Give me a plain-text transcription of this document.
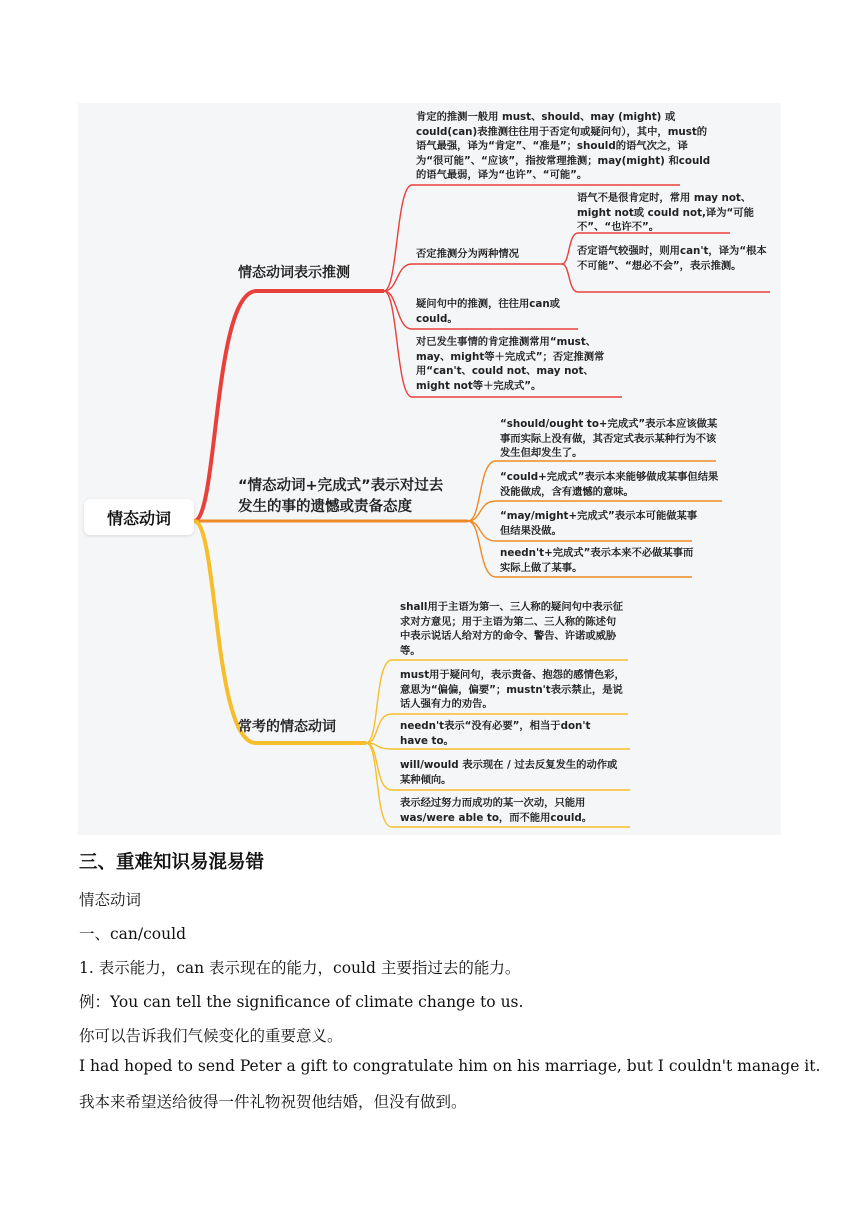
情态动词
情态动词表示推测
肯定的推测一般用 must、should、may (might) 或 could(can)表推测往往用于否定句或疑问句），其中，must的语气最强，译为“肯定”、“准是”；should的语气次之，译为“很可能”、“应该”，指按常理推测；may(might) 和could的语气最弱，译为“也许”、“可能”。
否定推测分为两种情况
语气不是很肯定时，常用 may not、might not或 could not,译为“可能不”、“也许不”。
否定语气较强时，则用can't，译为“根本不可能”、“想必不会”，表示推测。
疑问句中的推测，往往用can或could。
对已发生事情的肯定推测常用“must、may、might等＋完成式”；否定推测常用“can't、could not、may not、might not等＋完成式”。
“情态动词+完成式”表示对过去
发生的事的遗憾或责备态度
“should/ought to+完成式”表示本应该做某事而实际上没有做，其否定式表示某种行为不该发生但却发生了。
“could+完成式”表示本来能够做成某事但结果没能做成，含有遗憾的意味。
“may/might+完成式”表示本可能做某事但结果没做。
needn't+完成式”表示本来不必做某事而实际上做了某事。
常考的情态动词
shall用于主语为第一、三人称的疑问句中表示征求对方意见；用于主语为第二、三人称的陈述句中表示说话人给对方的命令、警告、许诺或威胁等。
must用于疑问句，表示责备、抱怨的感情色彩，意思为“偏偏，偏要”；mustn't表示禁止，是说话人强有力的劝告。
needn't表示“没有必要”，相当于don't have to。
will/would 表示现在 / 过去反复发生的动作或某种倾向。
表示经过努力而成功的某一次动，只能用was/were able to，而不能用could。
三、重难知识易混易错
情态动词
一、can/could
1. 表示能力，can 表示现在的能力，could 主要指过去的能力。
例：You can tell the significance of climate change to us.
你可以告诉我们气候变化的重要意义。
I had hoped to send Peter a gift to congratulate him on his marriage, but I couldn't manage it.
我本来希望送给彼得一件礼物祝贺他结婚，但没有做到。
